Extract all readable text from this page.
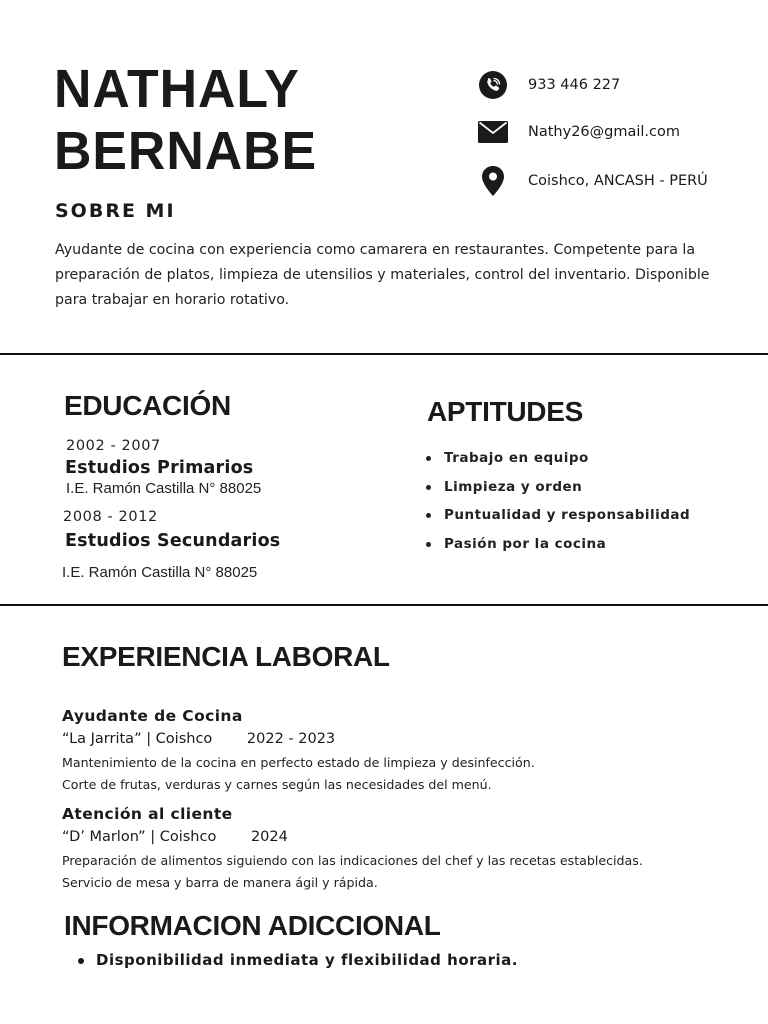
NATHALY
BERNABE
SOBRE MI
Ayudante de cocina con experiencia como camarera en restaurantes. Competente para la preparación de platos, limpieza de utensilios y materiales, control del inventario. Disponible para trabajar en horario rotativo.
933 446 227
Nathy26@gmail.com
Coishco, ANCASH - PERÚ
EDUCACIÓN
2002 - 2007
Estudios Primarios
I.E. Ramón Castilla N° 88025
2008 - 2012
Estudios Secundarios
I.E. Ramón Castilla N° 88025
APTITUDES
Trabajo en equipo
Limpieza y orden
Puntualidad y responsabilidad
Pasión por la cocina
EXPERIENCIA LABORAL
Ayudante de Cocina
“La Jarrita” | Coishco 2022 - 2023
Mantenimiento de la cocina en perfecto estado de limpieza y desinfección.
Corte de frutas, verduras y carnes según las necesidades del menú.
Atención al cliente
“D’ Marlon” | Coishco 2024
Preparación de alimentos siguiendo con las indicaciones del chef y las recetas establecidas.
Servicio de mesa y barra de manera ágil y rápida.
INFORMACION ADICCIONAL
Disponibilidad inmediata y flexibilidad horaria.
